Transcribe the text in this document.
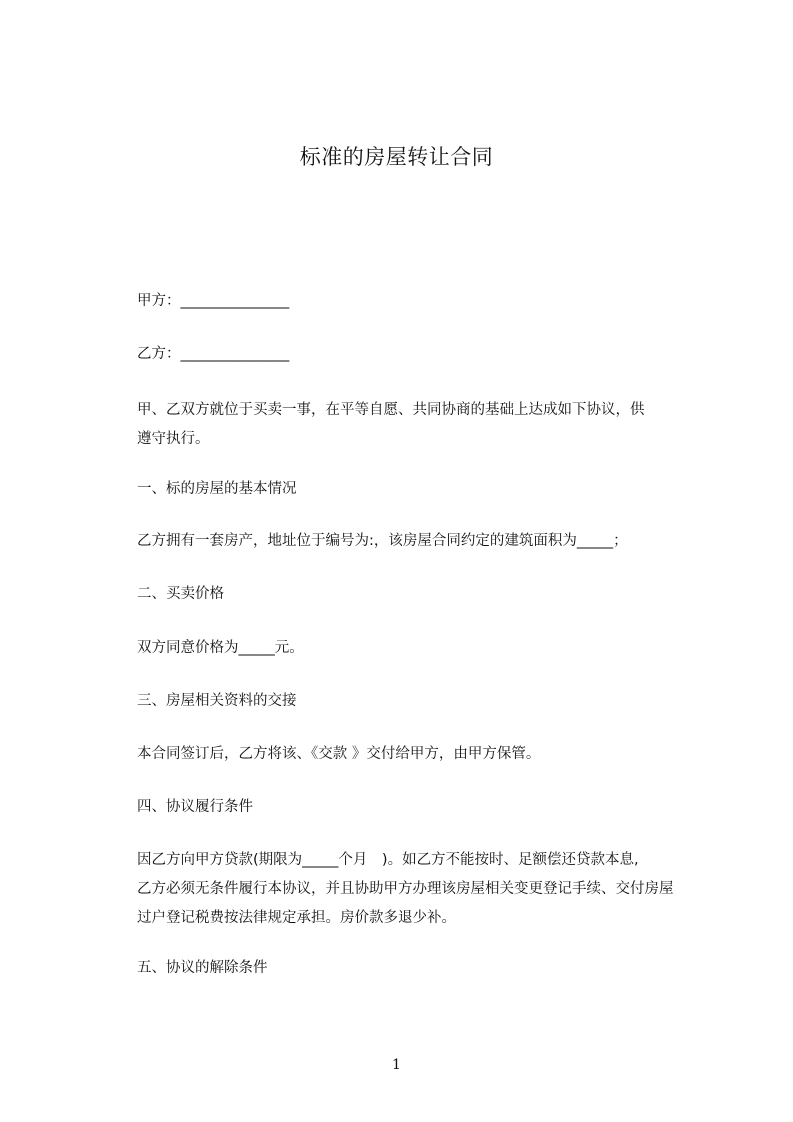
标准的房屋转让合同
甲方：_______________
乙方：_______________
甲、乙双方就位于买卖一事，在平等自愿、共同协商的基础上达成如下协议，供
遵守执行。
一、标的房屋的基本情况
乙方拥有一套房产，地址位于编号为:，该房屋合同约定的建筑面积为_____；
二、买卖价格
双方同意价格为_____元。
三、房屋相关资料的交接
本合同签订后，乙方将该、《交款 》交付给甲方，由甲方保管。
四、协议履行条件
因乙方向甲方贷款(期限为_____个月　)。如乙方不能按时、足额偿还贷款本息,
乙方必须无条件履行本协议，并且协助甲方办理该房屋相关变更登记手续、交付房屋
过户登记税费按法律规定承担。房价款多退少补。
五、协议的解除条件
1
